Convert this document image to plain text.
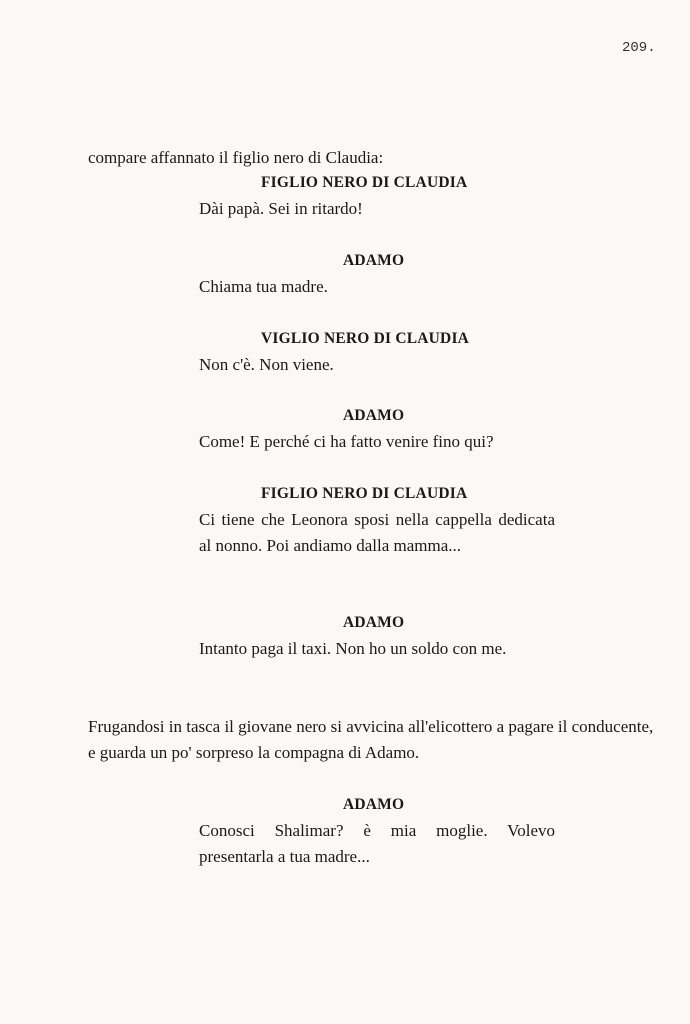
209.
compare affannato il figlio nero di Claudia:
FIGLIO NERO DI CLAUDIA
Dài papà. Sei in ritardo!
ADAMO
Chiama tua madre.
VIGLIO NERO DI CLAUDIA
Non c'è. Non viene.
ADAMO
Come! E perché ci ha fatto venire fino qui?
FIGLIO NERO DI CLAUDIA
Ci tiene che Leonora sposi nella cappella dedicata al nonno. Poi andiamo dalla mamma...
ADAMO
Intanto paga il taxi. Non ho un soldo con me.
Frugandosi in tasca il giovane nero si avvicina all'elicottero a pagare il conducente, e guarda un po' sorpreso la compagna di Adamo.
ADAMO
Conosci Shalimar? è mia moglie. Volevo presentarla a tua madre...
